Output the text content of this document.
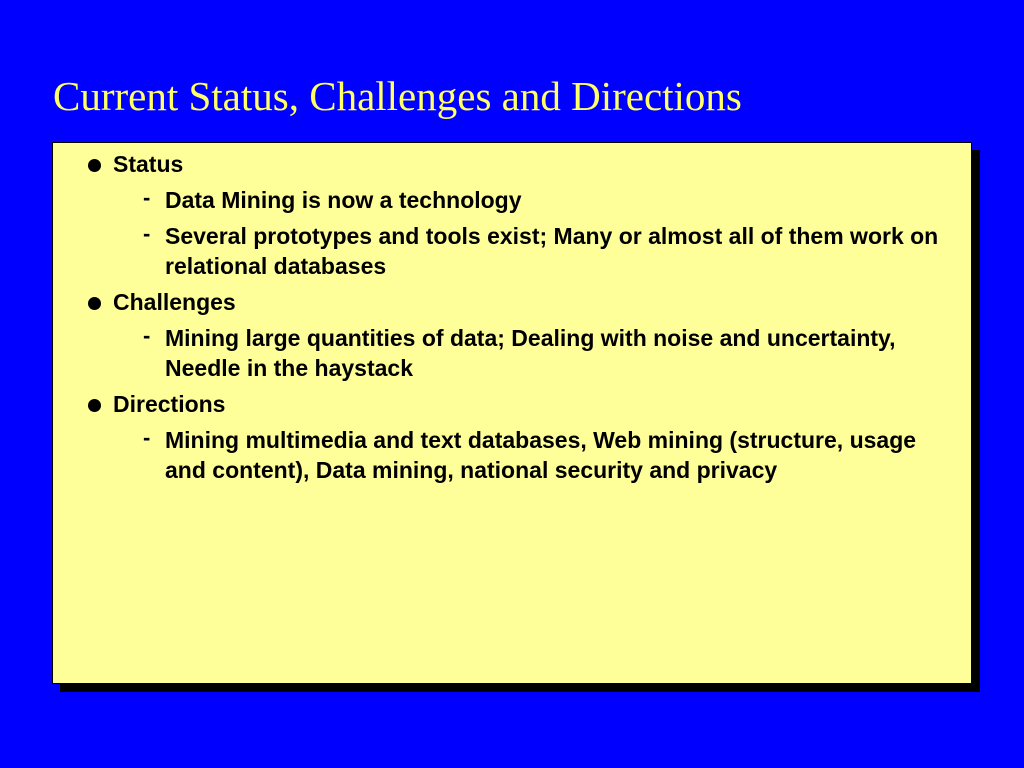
Current Status, Challenges and Directions
Status
- Data Mining is now a technology
- Several prototypes and tools exist; Many or almost all of them work on relational databases
Challenges
- Mining large quantities of data; Dealing with noise and uncertainty, Needle in the haystack
Directions
- Mining multimedia and text databases, Web mining (structure, usage and content), Data mining, national security and privacy
